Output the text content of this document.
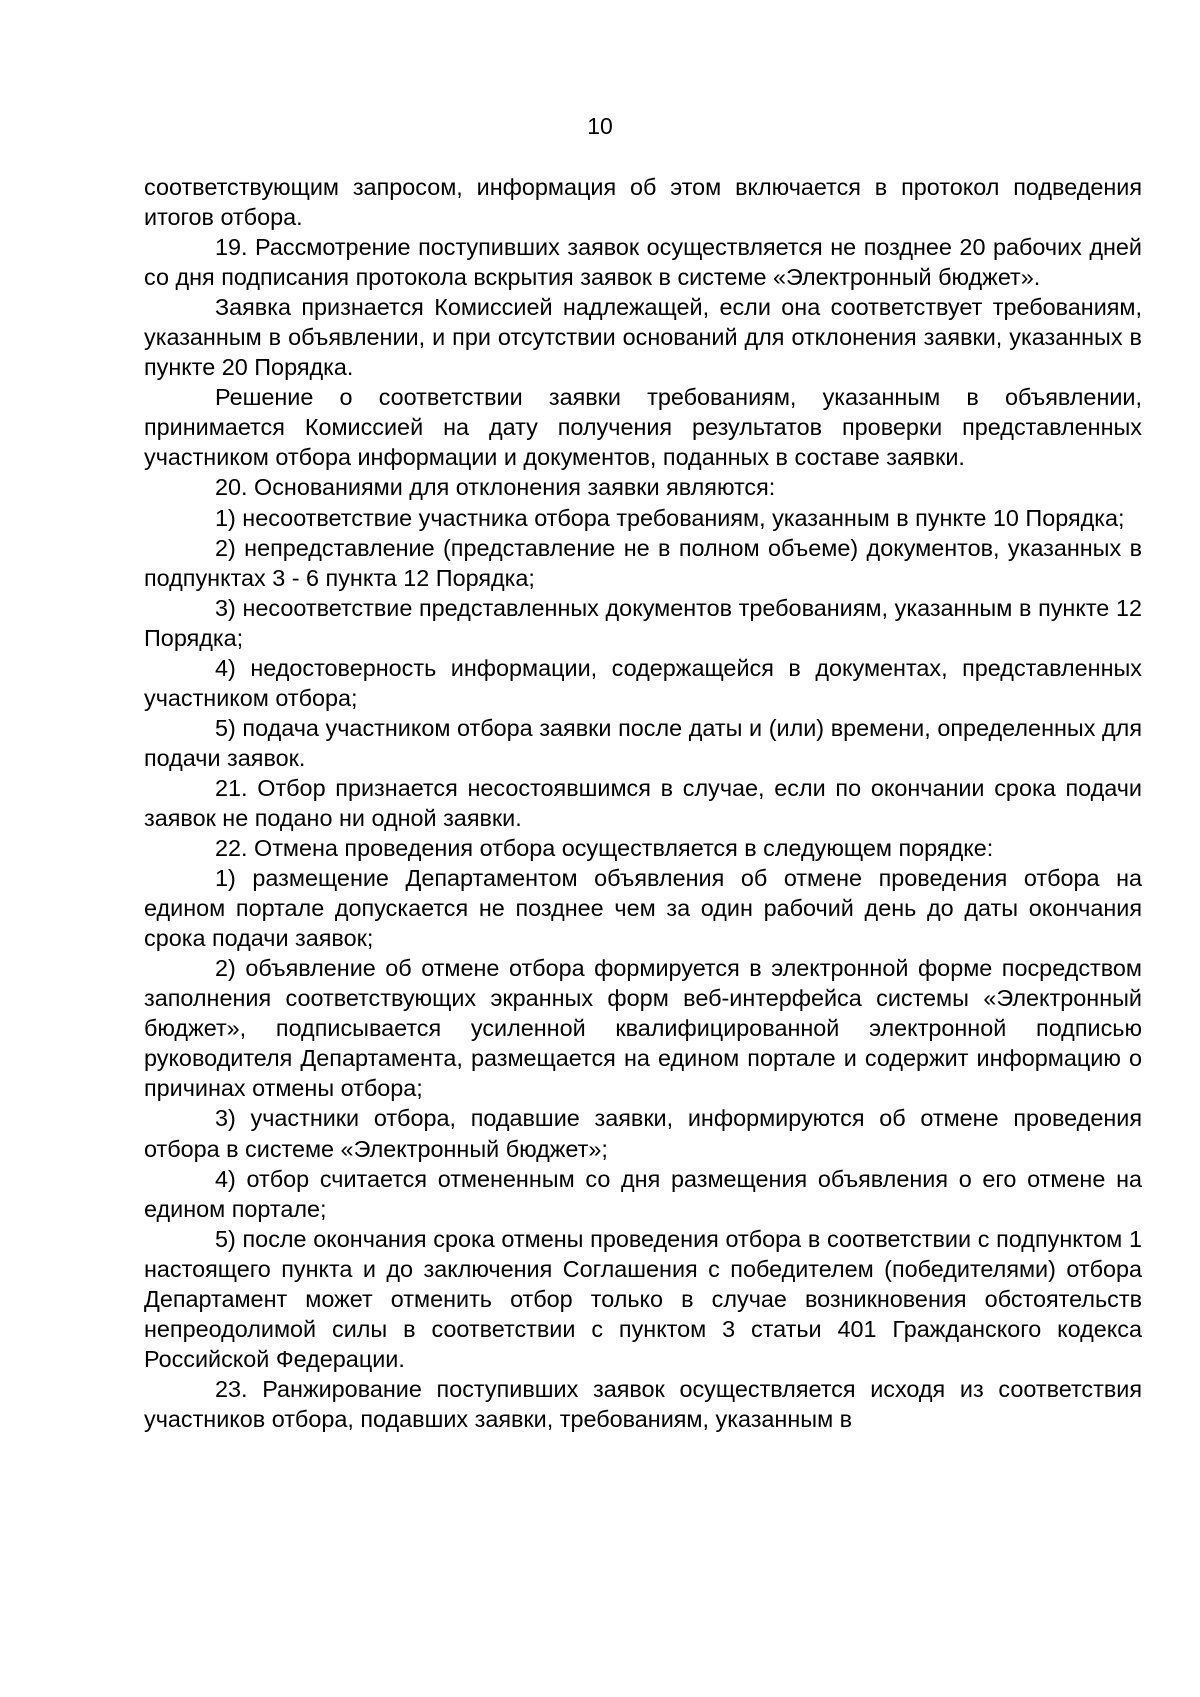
10

соответствующим запросом, информация об этом включается в протокол подведения итогов отбора.

19. Рассмотрение поступивших заявок осуществляется не позднее 20 рабочих дней со дня подписания протокола вскрытия заявок в системе «Электронный бюджет».

Заявка признается Комиссией надлежащей, если она соответствует требованиям, указанным в объявлении, и при отсутствии оснований для отклонения заявки, указанных в пункте 20 Порядка.

Решение о соответствии заявки требованиям, указанным в объявлении, принимается Комиссией на дату получения результатов проверки представленных участником отбора информации и документов, поданных в составе заявки.

20. Основаниями для отклонения заявки являются:

1) несоответствие участника отбора требованиям, указанным в пункте 10 Порядка;

2) непредставление (представление не в полном объеме) документов, указанных в подпунктах 3 - 6 пункта 12 Порядка;

3) несоответствие представленных документов требованиям, указанным в пункте 12 Порядка;

4) недостоверность информации, содержащейся в документах, представленных участником отбора;

5) подача участником отбора заявки после даты и (или) времени, определенных для подачи заявок.

21. Отбор признается несостоявшимся в случае, если по окончании срока подачи заявок не подано ни одной заявки.

22. Отмена проведения отбора осуществляется в следующем порядке:

1) размещение Департаментом объявления об отмене проведения отбора на едином портале допускается не позднее чем за один рабочий день до даты окончания срока подачи заявок;

2) объявление об отмене отбора формируется в электронной форме посредством заполнения соответствующих экранных форм веб-интерфейса системы «Электронный бюджет», подписывается усиленной квалифицированной электронной подписью руководителя Департамента, размещается на едином портале и содержит информацию о причинах отмены отбора;

3) участники отбора, подавшие заявки, информируются об отмене проведения отбора в системе «Электронный бюджет»;

4) отбор считается отмененным со дня размещения объявления о его отмене на едином портале;

5) после окончания срока отмены проведения отбора в соответствии с подпунктом 1 настоящего пункта и до заключения Соглашения с победителем (победителями) отбора Департамент может отменить отбор только в случае возникновения обстоятельств непреодолимой силы в соответствии с пунктом 3 статьи 401 Гражданского кодекса Российской Федерации.

23. Ранжирование поступивших заявок осуществляется исходя из соответствия участников отбора, подавших заявки, требованиям, указанным в
